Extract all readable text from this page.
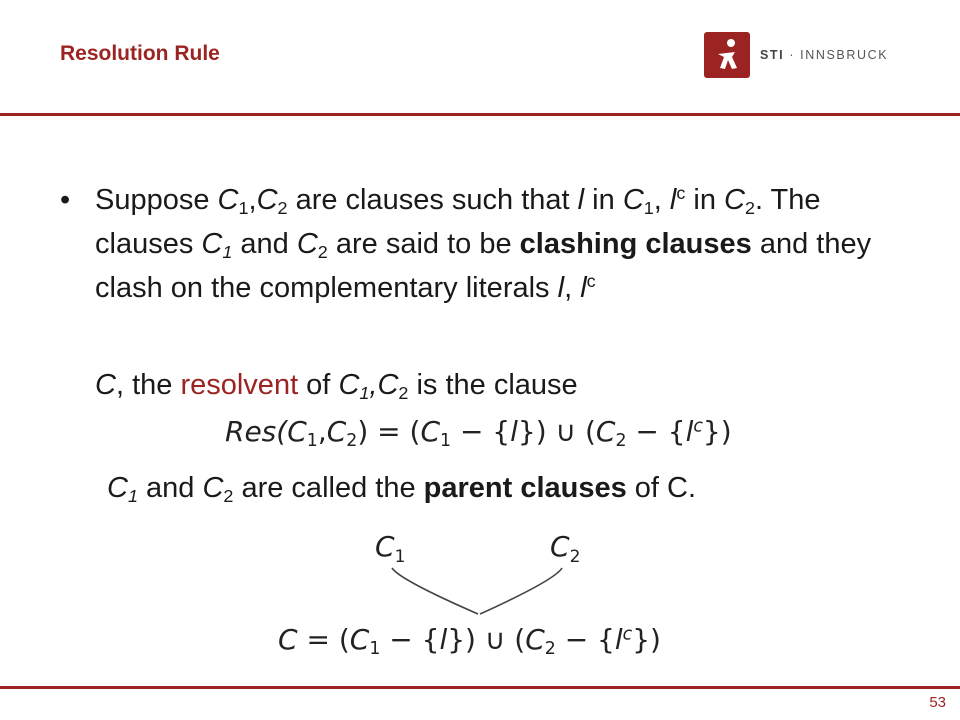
Resolution Rule	STI · INNSBRUCK
• Suppose $C_1,C_2$ are clauses such that l in $C_1$, $l^c$ in $C_2$. The clauses $C_1$ and $C_2$ are said to be clashing clauses and they clash on the complementary literals l, $l^c$
C, the resolvent of $C_1,C_2$ is the clause
$Res(C_1,C_2) = (C_1 - \{l\})$ ∪ $(C_2 - \{l^c\})$
$C_1$ and $C_2$ are called the parent clauses of C.
$C_1$	$C_2$
$C = (C_1 - \{l\})$ ∪ $(C_2 - \{l^c\})$
53
